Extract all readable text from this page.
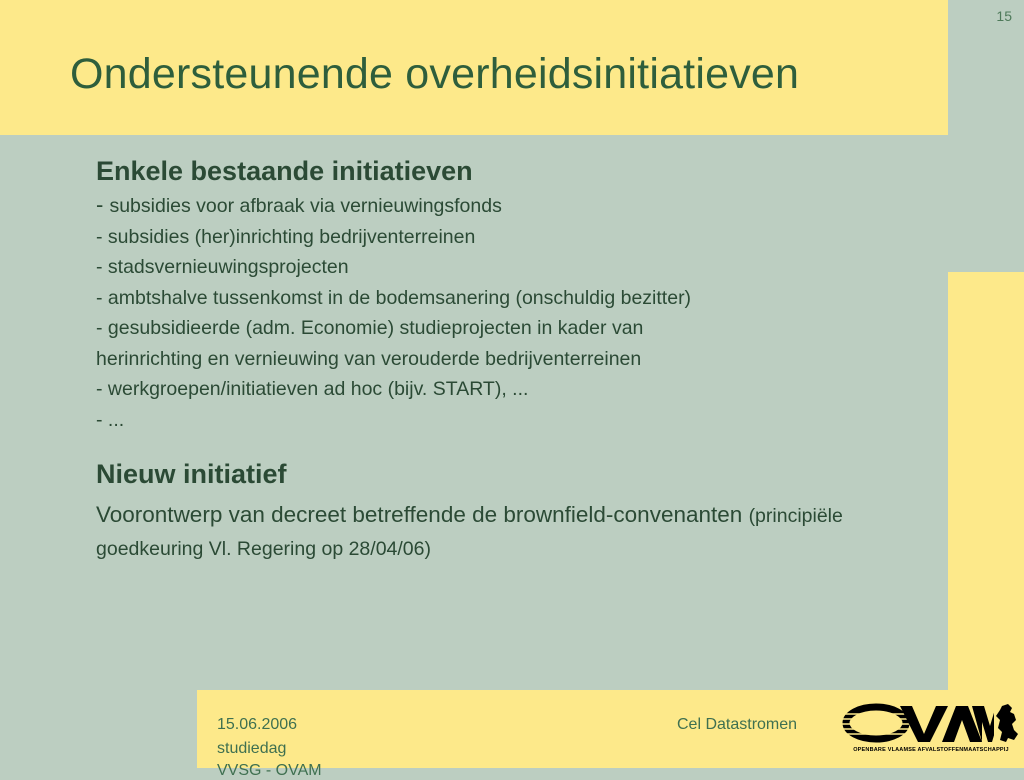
15
Ondersteunende overheidsinitiatieven
Enkele bestaande initiatieven
- subsidies voor afbraak via vernieuwingsfonds
- subsidies (her)inrichting bedrijventerreinen
- stadsvernieuwingsprojecten
- ambtshalve tussenkomst in de bodemsanering (onschuldig bezitter)
- gesubsidieerde (adm. Economie) studieprojecten in kader van
herinrichting en vernieuwing van verouderde bedrijventerreinen
- werkgroepen/initiatieven ad hoc (bijv. START), ...
- ...
Nieuw initiatief

Voorontwerp van decreet betreffende de brownfield-convenanten (principiële goedkeuring Vl. Regering op 28/04/06)

15.06.2006
studiedag
VVSG - OVAM
Cel Datastromen
OPENBARE VLAAMSE AFVALSTOFFENMAATSCHAPPIJ
